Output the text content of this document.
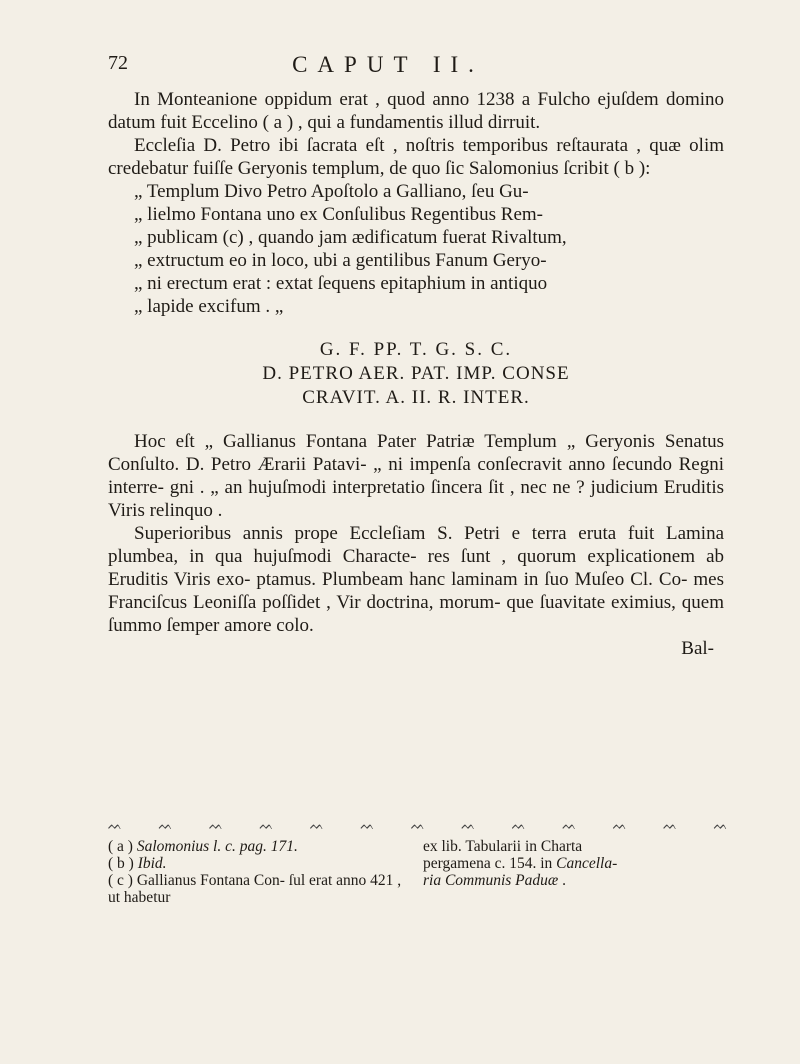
72	CAPUT II.

In Monteanione oppidum erat , quod anno 1238 a Fulcho ejuſdem domino datum fuit Eccelino ( a ) , qui a fundamentis illud dirruit.

Eccleſia D. Petro ibi ſacrata eſt , noſtris temporibus reſtaurata , quæ olim credebatur fuiſſe Geryonis templum, de quo ſic Salomonius ſcribit ( b ):

„ Templum Divo Petro Apoſtolo a Galliano, ſeu Gu-
„ lielmo Fontana uno ex Conſulibus Regentibus Rem-
„ publicam (c) , quando jam ædificatum fuerat Rivaltum,
„ extructum eo in loco, ubi a gentilibus Fanum Geryo-
„ ni erectum erat : extat ſequens epitaphium in antiquo
„ lapide excifum . „
G. F. PP. T. G. S. C.
D. PETRO AER. PAT. IMP. CONSE
CRAVIT. A. II. R. INTER.

Hoc eſt „ Gallianus Fontana Pater Patriæ Templum „ Geryonis Senatus Conſulto. D. Petro Ærarii Patavi- „ ni impenſa conſecravit anno ſecundo Regni interre- gni . „ an hujuſmodi interpretatio ſincera ſit , nec ne ? judicium Eruditis Viris relinquo .

Superioribus annis prope Eccleſiam S. Petri e terra eruta fuit Lamina plumbea, in qua hujuſmodi Characte- res ſunt , quorum explicationem ab Eruditis Viris exo- ptamus. Plumbeam hanc laminam in ſuo Muſeo Cl. Co- mes Franciſcus Leoniſſa poſſidet , Vir doctrina, morum- que ſuavitate eximius, quem ſummo ſemper amore colo.

Bal-
ᨓ	ᨓ	ᨓ	ᨓ	ᨓ	ᨓ	ᨓ	ᨓ	ᨓ	ᨓ	ᨓ	ᨓ	ᨓ
( a ) Salomonius l. c. pag. 171.
( b ) Ibid.
( c ) Gallianus Fontana Con- ſul erat anno 421 , ut habetur
ex lib. Tabularii in Charta
pergamena c. 154. in Cancella-
ria Communis Paduæ .
